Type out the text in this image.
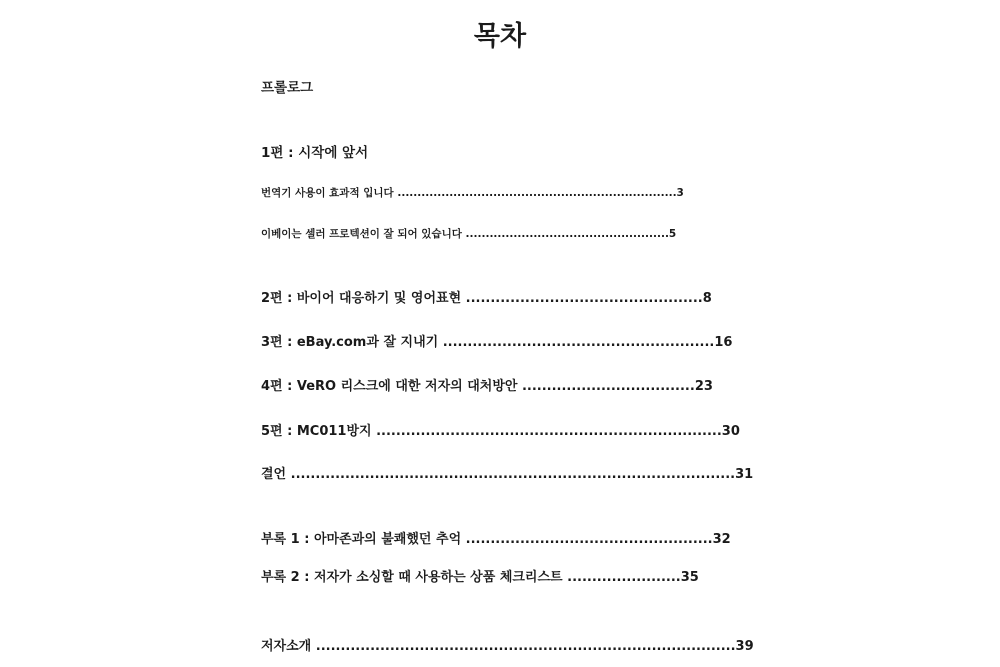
목차
프롤로그
1편 : 시작에 앞서
번역기 사용이 효과적 입니다 ......................................................................3
이베이는 셀러 프로텍션이 잘 되어 있습니다 ...................................................5
2편 : 바이어 대응하기 및 영어표현 ................................................8
3편 : eBay.com과 잘 지내기 .......................................................16
4편 : VeRO 리스크에 대한 저자의 대처방안 ...................................23
5편 : MC011방지 ......................................................................30
결언 ..........................................................................................31
부록 1 : 아마존과의 불쾌했던 추억 ..................................................32
부록 2 : 저자가 소싱할 때 사용하는 상품 체크리스트 .......................35
저자소개 .....................................................................................39
